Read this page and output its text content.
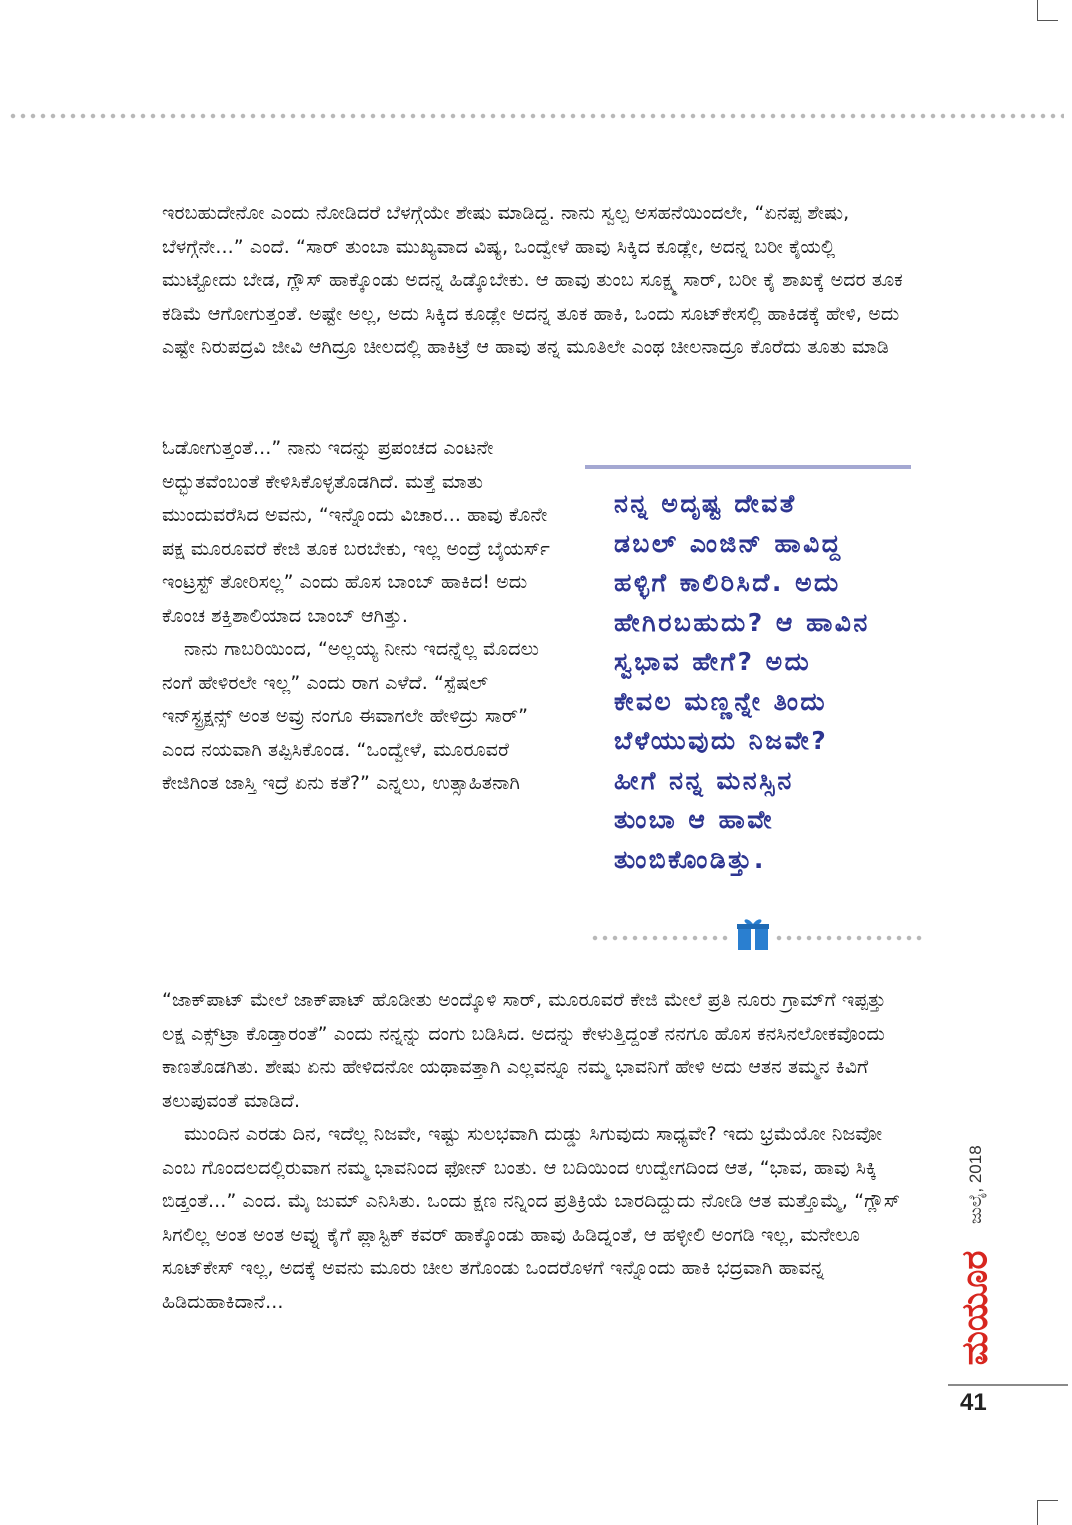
ಇರಬಹುದೇನೋ ಎಂದು ನೋಡಿದರೆ ಬೆಳಗ್ಗೆಯೇ ಶೇಷು ಮಾಡಿದ್ದ. ನಾನು ಸ್ವಲ್ಪ ಅಸಹನೆಯಿಂದಲೇ, “ಏನಪ್ಪ ಶೇಷು, ಬೆಳಗ್ಗೆನೇ...” ಎಂದೆ. “ಸಾರ್ ತುಂಬಾ ಮುಖ್ಯವಾದ ವಿಷ್ಯ, ಒಂದ್ವೇಳೆ ಹಾವು ಸಿಕ್ಕಿದ ಕೂಡ್ಲೇ, ಅದನ್ನ ಬರೀ ಕೈಯಲ್ಲಿ ಮುಟ್ಟೋದು ಬೇಡ, ಗ್ಲೌಸ್ ಹಾಕ್ಕೊಂಡು ಅದನ್ನ ಹಿಡ್ಕೊಬೇಕು. ಆ ಹಾವು ತುಂಬ ಸೂಕ್ಷ್ಮ ಸಾರ್, ಬರೀ ಕೈ ಶಾಖಕ್ಕೆ ಅದರ ತೂಕ ಕಡಿಮೆ ಆಗೋಗುತ್ತಂತೆ. ಅಷ್ಟೇ ಅಲ್ಲ, ಅದು ಸಿಕ್ಕಿದ ಕೂಡ್ಲೇ ಅದನ್ನ ತೂಕ ಹಾಕಿ, ಒಂದು ಸೂಟ್‌ಕೇಸಲ್ಲಿ ಹಾಕಿಡಕ್ಕೆ ಹೇಳಿ, ಅದು ಎಷ್ಟೇ ನಿರುಪದ್ರವಿ ಜೀವಿ ಆಗಿದ್ರೂ ಚೀಲದಲ್ಲಿ ಹಾಕಿಟ್ರೆ ಆ ಹಾವು ತನ್ನ ಮೂತಿಲೇ ಎಂಥ ಚೀಲನಾದ್ರೂ ಕೊರೆದು ತೂತು ಮಾಡಿ

ಓಡೋಗುತ್ತಂತೆ...” ನಾನು ಇದನ್ನು ಪ್ರಪಂಚದ ಎಂಟನೇ ಅದ್ಭುತವೆಂಬಂತೆ ಕೇಳಿಸಿಕೊಳ್ಳತೊಡಗಿದೆ. ಮತ್ತೆ ಮಾತು ಮುಂದುವರೆಸಿದ ಅವನು, “ಇನ್ನೊಂದು ವಿಚಾರ... ಹಾವು ಕೊನೇ ಪಕ್ಷ ಮೂರೂವರೆ ಕೇಜಿ ತೂಕ ಬರಬೇಕು, ಇಲ್ಲ ಅಂದ್ರೆ ಬೈಯರ್ಸ್ ಇಂಟ್ರಸ್ಟ್ ತೋರಿಸಲ್ಲ” ಎಂದು ಹೊಸ ಬಾಂಬ್ ಹಾಕಿದ! ಅದು ಕೊಂಚ ಶಕ್ತಿಶಾಲಿಯಾದ ಬಾಂಬ್ ಆಗಿತ್ತು.

ನಾನು ಗಾಬರಿಯಿಂದ, “ಅಲ್ಲಯ್ಯ ನೀನು ಇದನ್ನೆಲ್ಲ ಮೊದಲು ನಂಗೆ ಹೇಳಿರಲೇ ಇಲ್ಲ” ಎಂದು ರಾಗ ಎಳೆದೆ. “ಸ್ಪೆಷಲ್ ಇನ್‌ಸ್ಟ್ರಕ್ಷನ್ಸ್ ಅಂತ ಅವ್ರು ನಂಗೂ ಈವಾಗಲೇ ಹೇಳಿದ್ರು ಸಾರ್” ಎಂದ ನಯವಾಗಿ ತಪ್ಪಿಸಿಕೊಂಡ. “ಒಂದ್ವೇಳೆ, ಮೂರೂವರೆ ಕೇಜಿಗಿಂತ ಜಾಸ್ತಿ ಇದ್ರೆ ಏನು ಕತೆ?” ಎನ್ನಲು, ಉತ್ಸಾಹಿತನಾಗಿ

ನನ್ನ ಅದೃಷ್ಟ ದೇವತೆ

ಡಬಲ್ ಎಂಜಿನ್ ಹಾವಿದ್ದ

ಹಳ್ಳಿಗೆ ಕಾಲಿರಿಸಿದೆ. ಅದು

ಹೇಗಿರಬಹುದು? ಆ ಹಾವಿನ

ಸ್ವಭಾವ ಹೇಗೆ? ಅದು

ಕೇವಲ ಮಣ್ಣನ್ನೇ ತಿಂದು

ಬೆಳೆಯುವುದು ನಿಜವೇ?

ಹೀಗೆ ನನ್ನ ಮನಸ್ಸಿನ

ತುಂಬಾ ಆ ಹಾವೇ

ತುಂಬಿಕೊಂಡಿತ್ತು.

“ಜಾಕ್‌ಪಾಟ್ ಮೇಲೆ ಜಾಕ್‌ಪಾಟ್ ಹೊಡೀತು ಅಂದ್ಕೊಳಿ ಸಾರ್, ಮೂರೂವರೆ ಕೇಜಿ ಮೇಲೆ ಪ್ರತಿ ನೂರು ಗ್ರಾಮ್‌ಗೆ ಇಪ್ಪತ್ತು ಲಕ್ಷ ಎಕ್ಸ್‌ಟ್ರಾ ಕೊಡ್ತಾರಂತೆ” ಎಂದು ನನ್ನನ್ನು ದಂಗು ಬಡಿಸಿದ. ಅದನ್ನು ಕೇಳುತ್ತಿದ್ದಂತೆ ನನಗೂ ಹೊಸ ಕನಸಿನಲೋಕವೊಂದು ಕಾಣತೊಡಗಿತು. ಶೇಷು ಏನು ಹೇಳಿದನೋ ಯಥಾವತ್ತಾಗಿ ಎಲ್ಲವನ್ನೂ ನಮ್ಮ ಭಾವನಿಗೆ ಹೇಳಿ ಅದು ಆತನ ತಮ್ಮನ ಕಿವಿಗೆ ತಲುಪುವಂತೆ ಮಾಡಿದೆ.

ಮುಂದಿನ ಎರಡು ದಿನ, ಇದೆಲ್ಲ ನಿಜವೇ, ಇಷ್ಟು ಸುಲಭವಾಗಿ ದುಡ್ಡು ಸಿಗುವುದು ಸಾಧ್ಯವೇ? ಇದು ಭ್ರಮೆಯೋ ನಿಜವೋ ಎಂಬ ಗೊಂದಲದಲ್ಲಿರುವಾಗ ನಮ್ಮ ಭಾವನಿಂದ ಫೋನ್ ಬಂತು. ಆ ಬದಿಯಿಂದ ಉದ್ವೇಗದಿಂದ ಆತ, “ಭಾವ, ಹಾವು ಸಿಕ್ಕಿ ಬಿಡ್ತಂತೆ...” ಎಂದ. ಮೈ ಜುಮ್ ಎನಿಸಿತು. ಒಂದು ಕ್ಷಣ ನನ್ನಿಂದ ಪ್ರತಿಕ್ರಿಯೆ ಬಾರದಿದ್ದುದು ನೋಡಿ ಆತ ಮತ್ತೊಮ್ಮೆ, “ಗ್ಲೌಸ್ ಸಿಗಲಿಲ್ಲ ಅಂತ ಅಂತ ಅವ್ನು ಕೈಗೆ ಪ್ಲಾಸ್ಟಿಕ್ ಕವರ್ ಹಾಕ್ಕೊಂಡು ಹಾವು ಹಿಡಿದ್ನಂತೆ, ಆ ಹಳ್ಳೀಲಿ ಅಂಗಡಿ ಇಲ್ಲ, ಮನೇಲೂ ಸೂಟ್‌ಕೇಸ್ ಇಲ್ಲ, ಅದಕ್ಕೆ ಅವನು ಮೂರು ಚೀಲ ತಗೊಂಡು ಒಂದರೊಳಗೆ ಇನ್ನೊಂದು ಹಾಕಿ ಭದ್ರವಾಗಿ ಹಾವನ್ನ ಹಿಡಿದುಹಾಕಿದಾನೆ...

ಜುಲೈ, 2018
ಮಯೂರ
41
